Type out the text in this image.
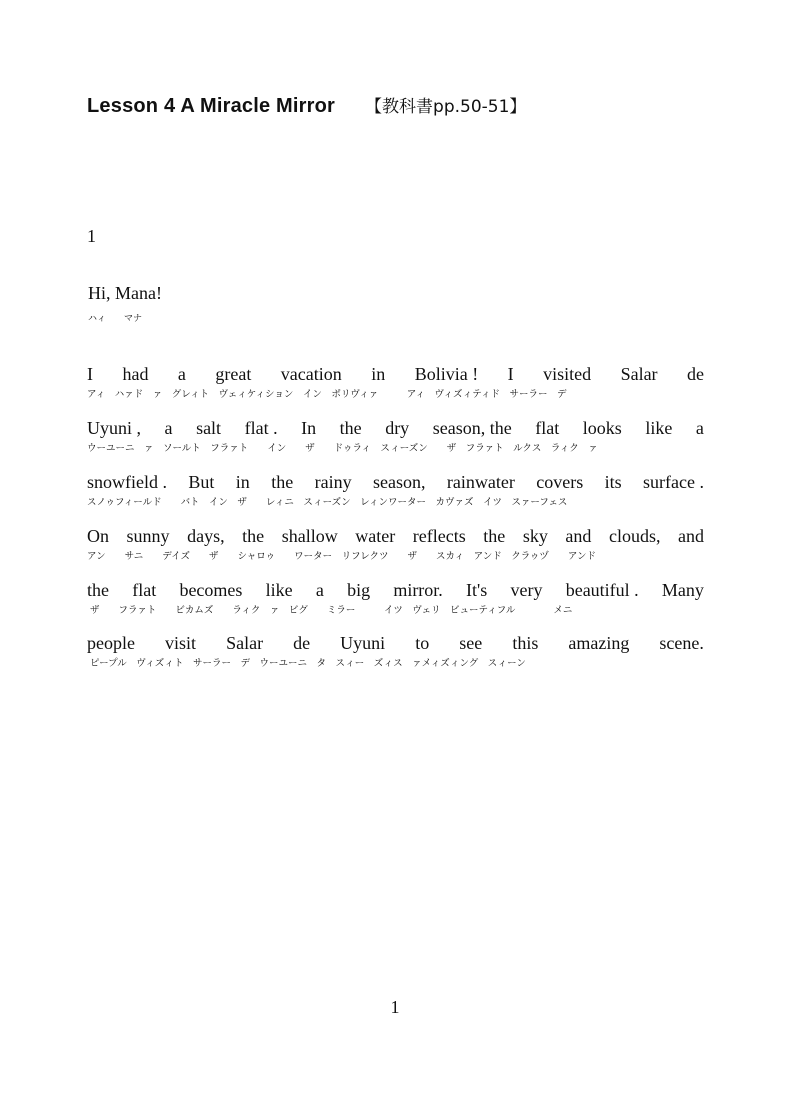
Lesson 4 A Miracle Mirror 【教科書pp.50-51】
1
Hi, Mana!
ハィ　　マナ
I had a great vacation in Bolivia ! I visited Salar de
アィ　ハァド　ァ　グレィト　ヴェィケィション　イン　ボリヴィァ　　　アィ　ヴィズィティド　サーラー　デ
Uyuni , a salt flat . In the dry season, the flat looks like a
ウーユーニ　ァ　ソールト　フラァト　　イン　　ザ　　ドゥラィ　スィーズン　　ザ　フラァト　ルクス　ラィク　ァ
snowfield . But in the rainy season, rainwater covers its surface .
スノゥフィールド　　バト　イン　ザ　　レィニ　スィーズン　レィンワーター　カヴァズ　イツ　スァーフェス
On sunny days, the shallow water reflects the sky and clouds, and
アン　　サニ　　デイズ　　ザ　　シャロゥ　　ワーター　リフレクツ　　ザ　　スカィ　アンド　クラゥヅ　　アンド
the flat becomes like a big mirror. It's very beautiful . Many
ザ　　フラァト　　ビカムズ　　ラィク　ァ　ビグ　　ミラー　　　イツ　ヴェリ　ビューティフル　　　　メニ
people visit Salar de Uyuni to see this amazing scene.
ピープル　ヴィズィト　サーラー　デ　ウーユーニ　タ　スィー　ズィス　ァメィズィング　スィーン
1
